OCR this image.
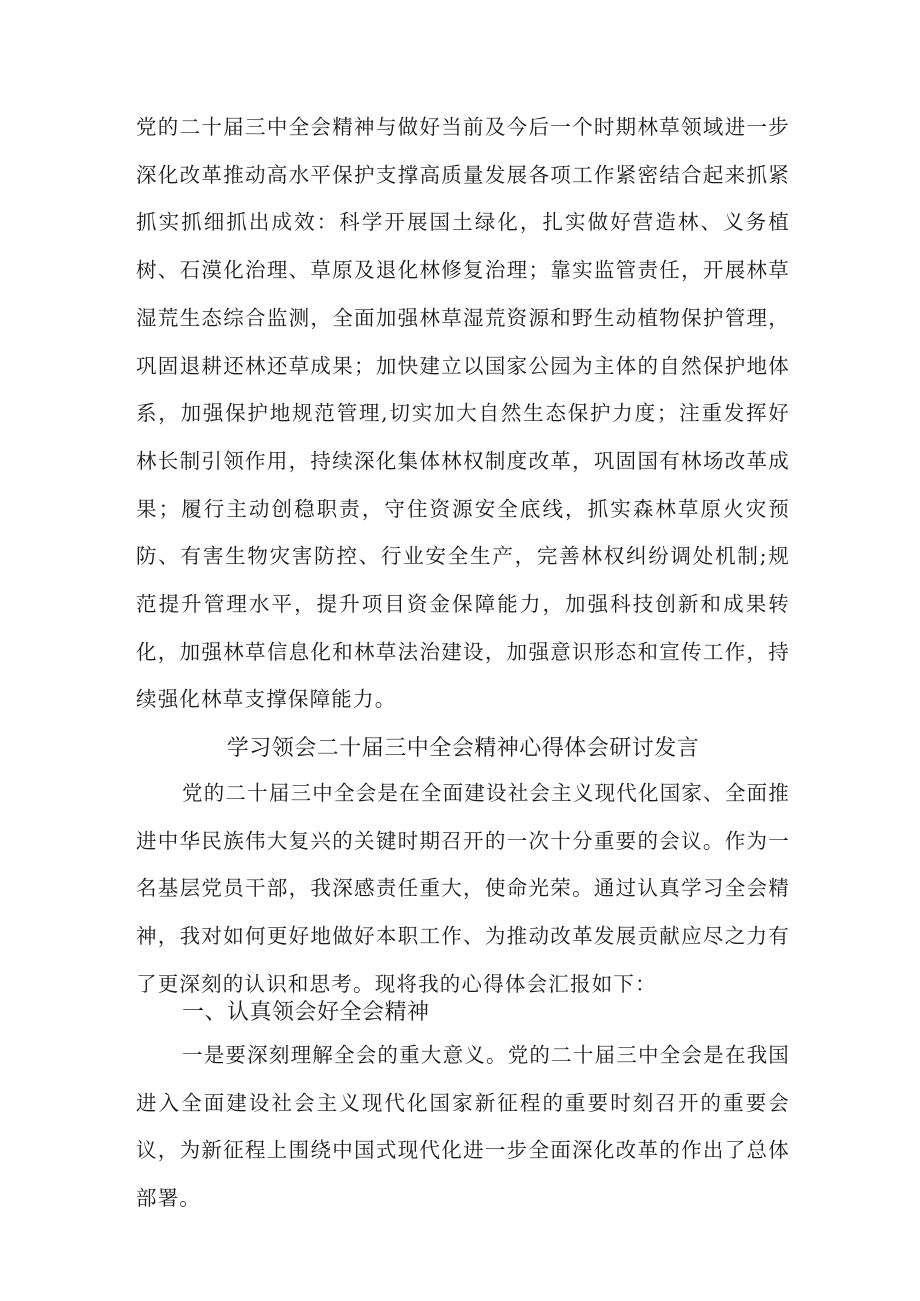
党的二十届三中全会精神与做好当前及今后一个时期林草领域进一步深化改革推动高水平保护支撑高质量发展各项工作紧密结合起来抓紧抓实抓细抓出成效：科学开展国土绿化，扎实做好营造林、义务植树、石漠化治理、草原及退化林修复治理；靠实监管责任，开展林草湿荒生态综合监测，全面加强林草湿荒资源和野生动植物保护管理，巩固退耕还林还草成果；加快建立以国家公园为主体的自然保护地体系，加强保护地规范管理,切实加大自然生态保护力度；注重发挥好林长制引领作用，持续深化集体林权制度改革，巩固国有林场改革成果；履行主动创稳职责，守住资源安全底线，抓实森林草原火灾预防、有害生物灾害防控、行业安全生产，完善林权纠纷调处机制;规范提升管理水平，提升项目资金保障能力，加强科技创新和成果转化，加强林草信息化和林草法治建设，加强意识形态和宣传工作，持续强化林草支撑保障能力。

学习领会二十届三中全会精神心得体会研讨发言

党的二十届三中全会是在全面建设社会主义现代化国家、全面推进中华民族伟大复兴的关键时期召开的一次十分重要的会议。作为一名基层党员干部，我深感责任重大，使命光荣。通过认真学习全会精神，我对如何更好地做好本职工作、为推动改革发展贡献应尽之力有了更深刻的认识和思考。现将我的心得体会汇报如下：

一、认真领会好全会精神

一是要深刻理解全会的重大意义。党的二十届三中全会是在我国进入全面建设社会主义现代化国家新征程的重要时刻召开的重要会议，为新征程上围绕中国式现代化进一步全面深化改革的作出了总体部署。
